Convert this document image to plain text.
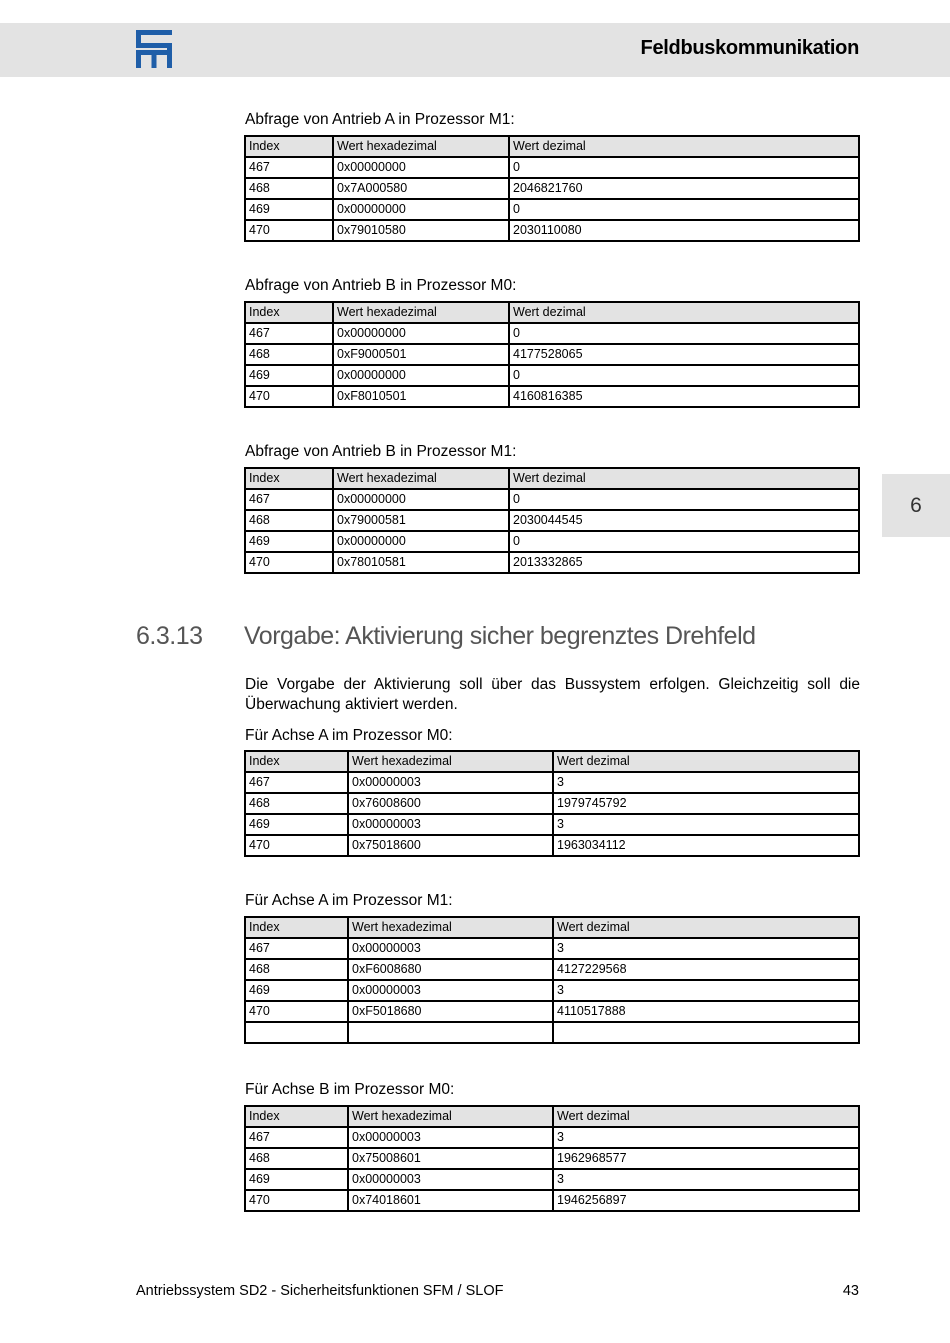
Feldbuskommunikation
6
Abfrage von Antrieb A in Prozessor M1:
Index	Wert hexadezimal	Wert dezimal
467	0x00000000	0
468	0x7A000580	2046821760
469	0x00000000	0
470	0x79010580	2030110080
Abfrage von Antrieb B in Prozessor M0:
Index	Wert hexadezimal	Wert dezimal
467	0x00000000	0
468	0xF9000501	4177528065
469	0x00000000	0
470	0xF8010501	4160816385
Abfrage von Antrieb B in Prozessor M1:
Index	Wert hexadezimal	Wert dezimal
467	0x00000000	0
468	0x79000581	2030044545
469	0x00000000	0
470	0x78010581	2013332865
6.3.13 Vorgabe: Aktivierung sicher begrenztes Drehfeld
Die Vorgabe der Aktivierung soll über das Bussystem erfolgen. Gleichzeitig soll die Überwachung aktiviert werden.
Für Achse A im Prozessor M0:
Index	Wert hexadezimal	Wert dezimal
467	0x00000003	3
468	0x76008600	1979745792
469	0x00000003	3
470	0x75018600	1963034112
Für Achse A im Prozessor M1:
Index	Wert hexadezimal	Wert dezimal
467	0x00000003	3
468	0xF6008680	4127229568
469	0x00000003	3
470	0xF5018680	4110517888

Für Achse B im Prozessor M0:
Index	Wert hexadezimal	Wert dezimal
467	0x00000003	3
468	0x75008601	1962968577
469	0x00000003	3
470	0x74018601	1946256897
Antriebssystem SD2 - Sicherheitsfunktionen SFM / SLOF	43
